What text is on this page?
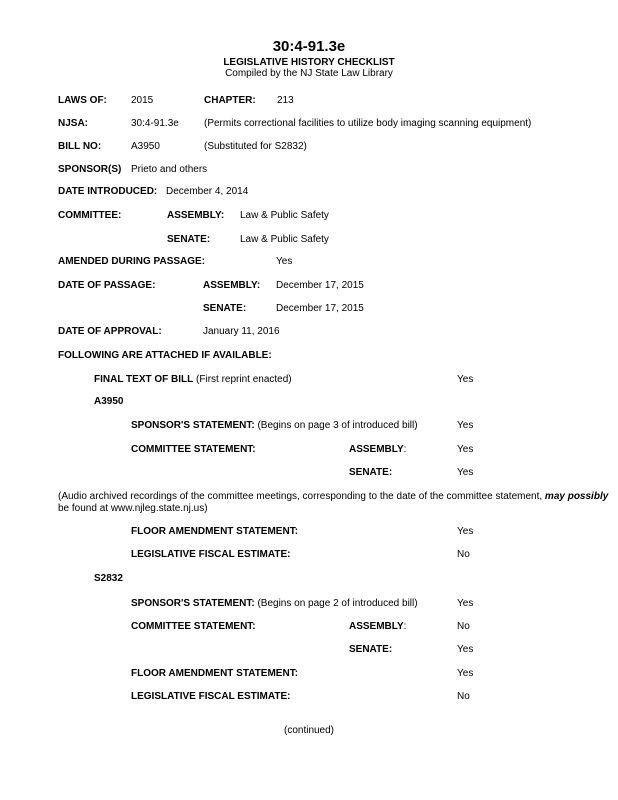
30:4-91.3e
LEGISLATIVE HISTORY CHECKLIST
Compiled by the NJ State Law Library
LAWS OF: 2015	CHAPTER: 213
NJSA:	30:4-91.3e	(Permits correctional facilities to utilize body imaging scanning equipment)
BILL NO:	A3950	(Substituted for S2832)
SPONSOR(S) Prieto and others
DATE INTRODUCED: December 4, 2014
COMMITTEE:	ASSEMBLY: Law & Public Safety
SENATE:	Law & Public Safety
AMENDED DURING PASSAGE:	Yes
DATE OF PASSAGE:	ASSEMBLY: December 17, 2015
SENATE:	December 17, 2015
DATE OF APPROVAL:	January 11, 2016
FOLLOWING ARE ATTACHED IF AVAILABLE:
FINAL TEXT OF BILL (First reprint enacted)	Yes
A3950
SPONSOR'S STATEMENT: (Begins on page 3 of introduced bill)	Yes
COMMITTEE STATEMENT:	ASSEMBLY:	Yes
SENATE:	Yes
(Audio archived recordings of the committee meetings, corresponding to the date of the committee statement, may possibly
be found at www.njleg.state.nj.us)
FLOOR AMENDMENT STATEMENT:	Yes
LEGISLATIVE FISCAL ESTIMATE:	No
S2832
SPONSOR'S STATEMENT: (Begins on page 2 of introduced bill)	Yes
COMMITTEE STATEMENT:	ASSEMBLY:	No
SENATE:	Yes
FLOOR AMENDMENT STATEMENT:	Yes
LEGISLATIVE FISCAL ESTIMATE:	No
(continued)
